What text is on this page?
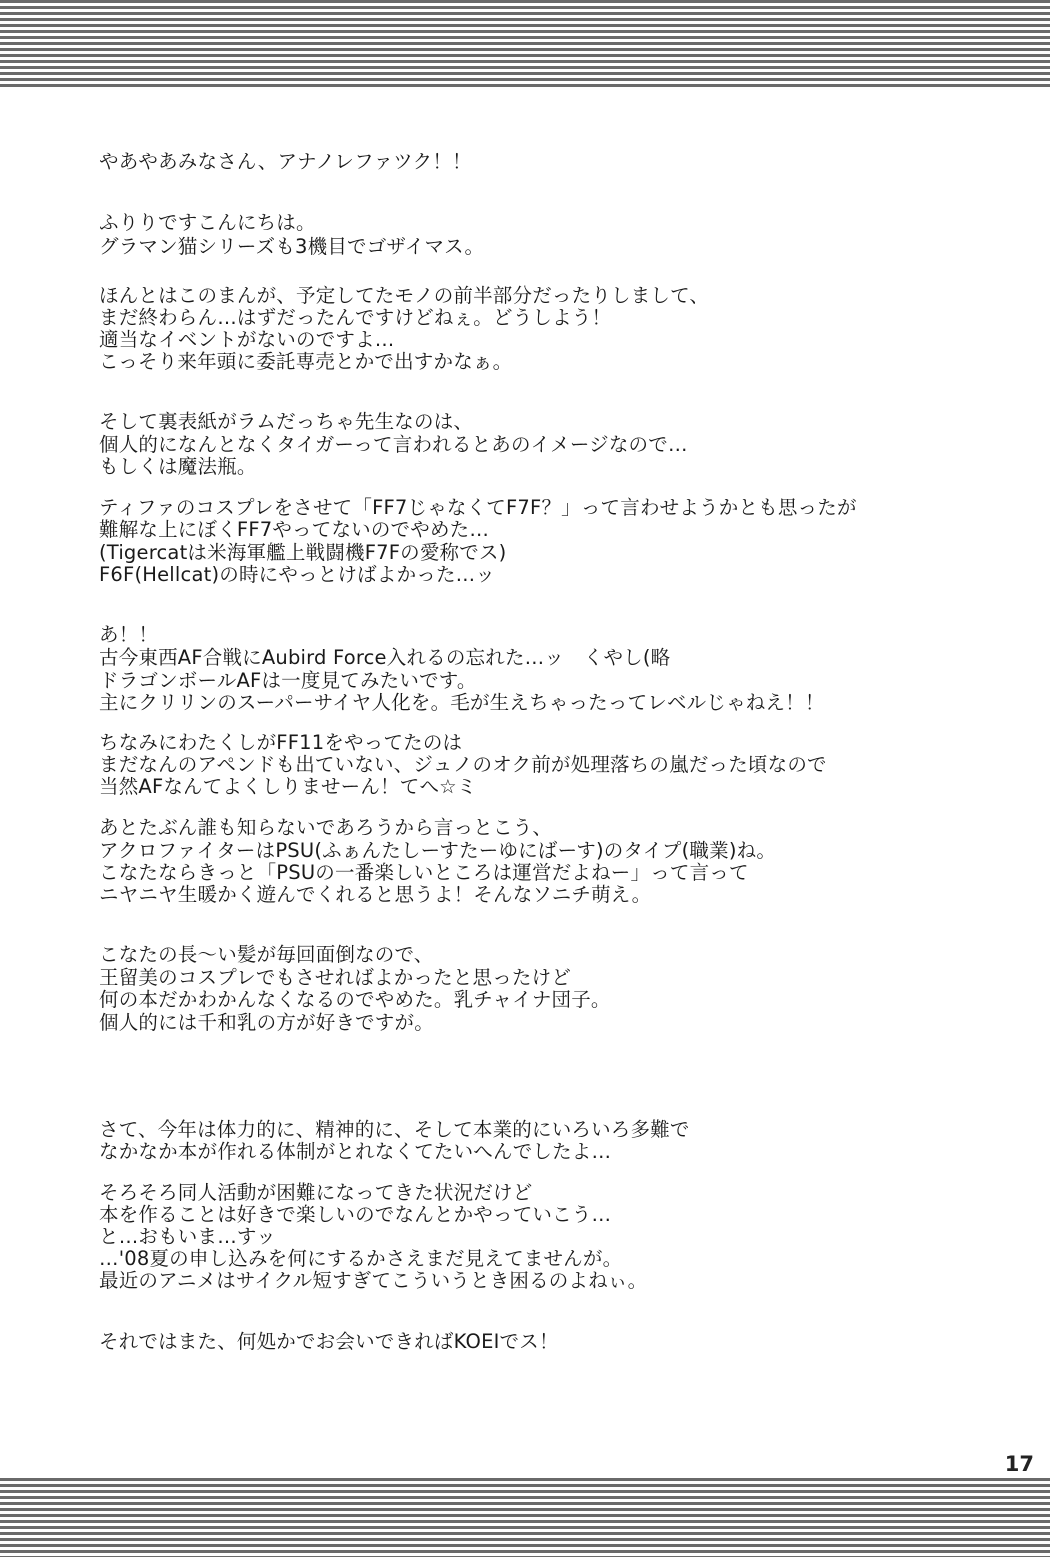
やあやあみなさん、アナノレファツク！！
ふりりですこんにちは。
グラマン猫シリーズも3機目でゴザイマス。
ほんとはこのまんが、予定してたモノの前半部分だったりしまして、
まだ終わらん…はずだったんですけどねぇ。どうしよう！
適当なイベントがないのですよ…
こっそり来年頭に委託専売とかで出すかなぁ。
そして裏表紙がラムだっちゃ先生なのは、
個人的になんとなくタイガーって言われるとあのイメージなので…
もしくは魔法瓶。
ティファのコスプレをさせて「FF7じゃなくてF7F？」って言わせようかとも思ったが
難解な上にぼくFF7やってないのでやめた…
(Tigercatは米海軍艦上戦闘機F7Fの愛称でス)
F6F(Hellcat)の時にやっとけばよかった…ッ
あ！！
古今東西AF合戦にAubird Force入れるの忘れた…ッ　くやし(略
ドラゴンボールAFは一度見てみたいです。
主にクリリンのスーパーサイヤ人化を。毛が生えちゃったってレベルじゃねえ！！
ちなみにわたくしがFF11をやってたのは
まだなんのアペンドも出ていない、ジュノのオク前が処理落ちの嵐だった頃なので
当然AFなんてよくしりませーん！てへ☆ミ
あとたぶん誰も知らないであろうから言っとこう、
アクロファイターはPSU(ふぁんたしーすたーゆにばーす)のタイプ(職業)ね。
こなたならきっと「PSUの一番楽しいところは運営だよねー」って言って
ニヤニヤ生暖かく遊んでくれると思うよ！そんなソニチ萌え。
こなたの長～い髪が毎回面倒なので、
王留美のコスプレでもさせればよかったと思ったけど
何の本だかわかんなくなるのでやめた。乳チャイナ団子。
個人的には千和乳の方が好きですが。
さて、今年は体力的に、精神的に、そして本業的にいろいろ多難で
なかなか本が作れる体制がとれなくてたいへんでしたよ…
そろそろ同人活動が困難になってきた状況だけど
本を作ることは好きで楽しいのでなんとかやっていこう…
と…おもいま…すッ
…'08夏の申し込みを何にするかさえまだ見えてませんが。
最近のアニメはサイクル短すぎてこういうとき困るのよねぃ。
それではまた、何処かでお会いできればKOEIでス！
17
